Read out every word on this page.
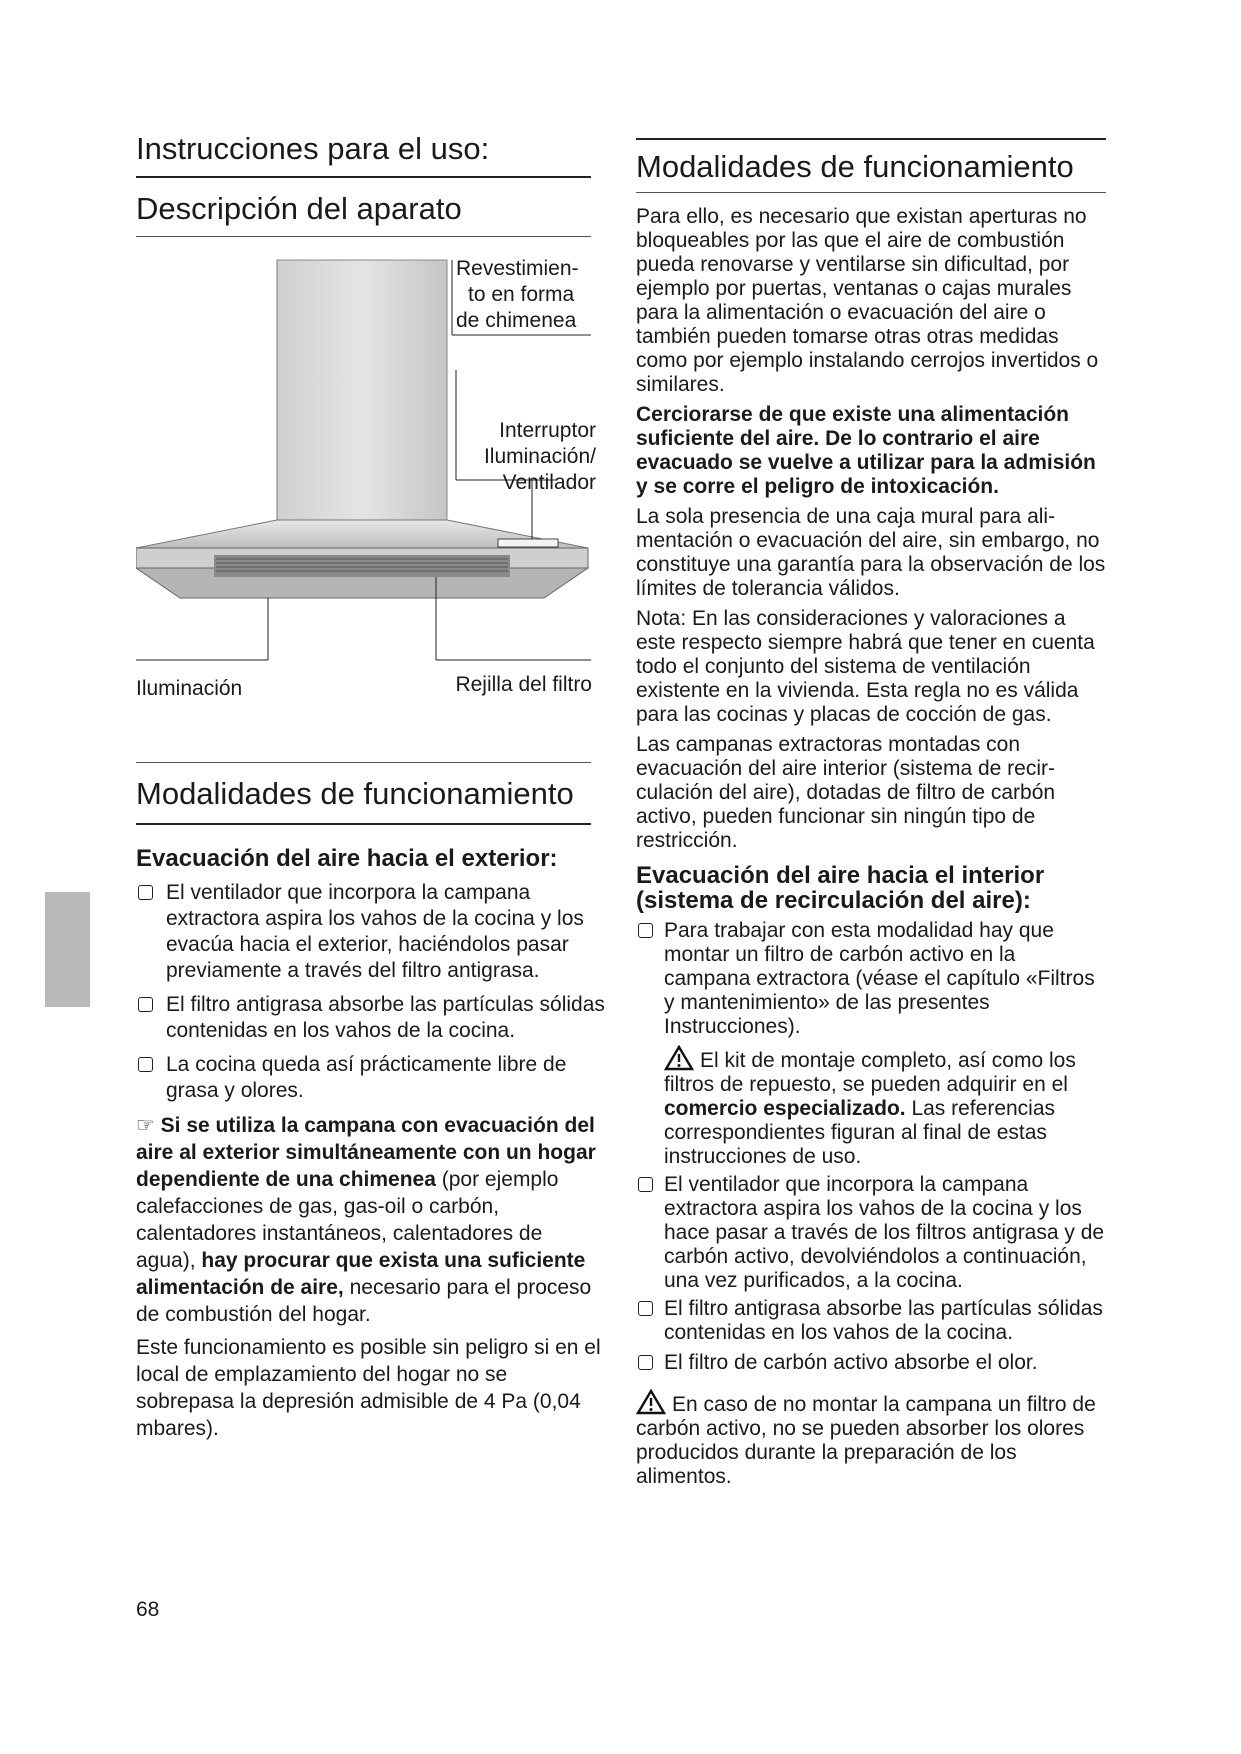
Instrucciones para el uso:
Descripción del aparato
Revestimien-
to en forma
de chimenea
Interruptor
Iluminación/
Ventilador
Iluminación	Rejilla del filtro
Modalidades de funcionamiento
Evacuación del aire hacia el exterior:
El ventilador que incorpora la campana extractora aspira los vahos de la cocina y los evacúa hacia el exterior, haciéndolos pasar previamente a través del filtro antigrasa.
El filtro antigrasa absorbe las partículas sólidas contenidas en los vahos de la cocina.
La cocina queda así prácticamente libre de grasa y olores.
☞ Si se utiliza la campana con evacuación del aire al exterior simultáneamente con un hogar dependiente de una chimenea (por ejemplo calefacciones de gas, gas-oil o carbón, calentadores instantáneos, calentadores de agua), hay procurar que exista una suficiente alimentación de aire, necesario para el proceso de combustión del hogar.
Este funcionamiento es posible sin peligro si en el local de emplazamiento del hogar no se sobrepasa la depresión admisible de 4 Pa (0,04 mbares).
68
Modalidades de funcionamiento
Para ello, es necesario que existan aperturas no bloqueables por las que el aire de combustión pueda renovarse y ventilarse sin dificultad, por ejemplo por puertas, ventanas o cajas murales para la alimentación o evacuación del aire o también pueden tomarse otras otras medidas como por ejemplo instalando cerrojos invertidos o similares.
Cerciorarse de que existe una alimentación suficiente del aire. De lo contrario el aire evacuado se vuelve a utilizar para la admisión y se corre el peligro de intoxicación.
La sola presencia de una caja mural para alimentación o evacuación del aire, sin embargo, no constituye una garantía para la observación de los límites de tolerancia válidos.
Nota: En las consideraciones y valoraciones a este respecto siempre habrá que tener en cuenta todo el conjunto del sistema de ventilación existente en la vivienda. Esta regla no es válida para las cocinas y placas de cocción de gas.
Las campanas extractoras montadas con evacuación del aire interior (sistema de recirculación del aire), dotadas de filtro de carbón activo, pueden funcionar sin ningún tipo de restricción.
Evacuación del aire hacia el interior (sistema de recirculación del aire):
Para trabajar con esta modalidad hay que montar un filtro de carbón activo en la campana extractora (véase el capítulo «Filtros y mantenimiento» de las presentes Instrucciones).
El kit de montaje completo, así como los filtros de repuesto, se pueden adquirir en el comercio especializado. Las referencias correspondientes figuran al final de estas instrucciones de uso.
El ventilador que incorpora la campana extractora aspira los vahos de la cocina y los hace pasar a través de los filtros antigrasa y de carbón activo, devolviéndolos a continuación, una vez purificados, a la cocina.
El filtro antigrasa absorbe las partículas sólidas contenidas en los vahos de la cocina.
El filtro de carbón activo absorbe el olor.
En caso de no montar la campana un filtro de carbón activo, no se pueden absorber los olores producidos durante la preparación de los alimentos.
